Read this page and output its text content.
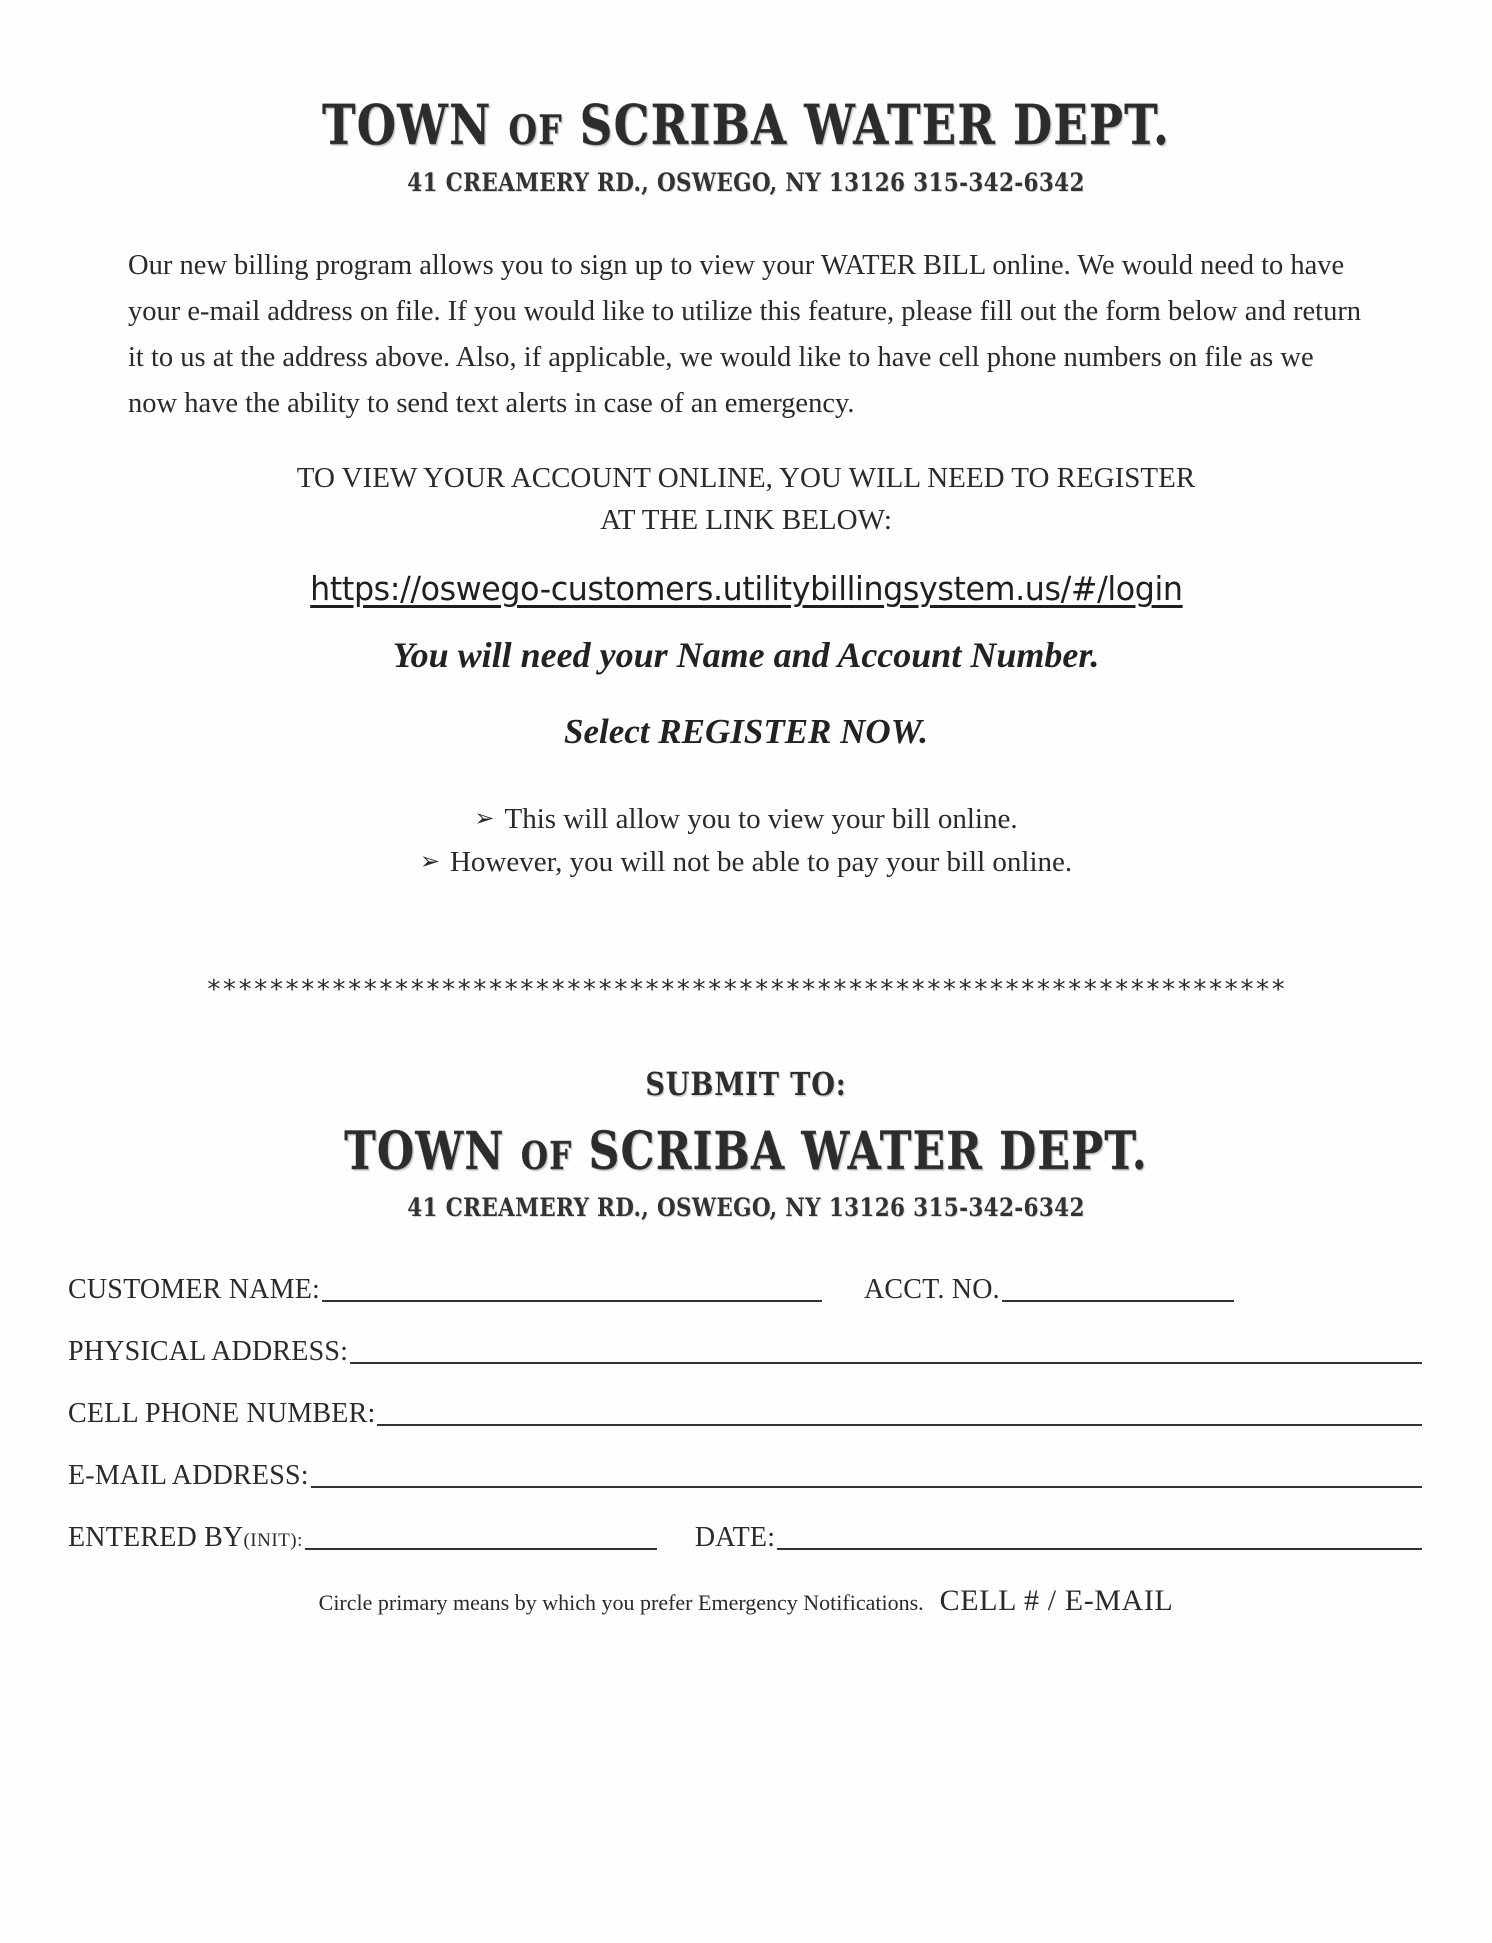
TOWN OF SCRIBA WATER DEPT.
41 CREAMERY RD., OSWEGO, NY 13126 315-342-6342

Our new billing program allows you to sign up to view your WATER BILL online. We would need to have your e-mail address on file. If you would like to utilize this feature, please fill out the form below and return it to us at the address above. Also, if applicable, we would like to have cell phone numbers on file as we now have the ability to send text alerts in case of an emergency.

TO VIEW YOUR ACCOUNT ONLINE, YOU WILL NEED TO REGISTER
AT THE LINK BELOW:
https://oswego-customers.utilitybillingsystem.us/#/login
You will need your Name and Account Number.
Select REGISTER NOW.
➢ This will allow you to view your bill online.
➢ However, you will not be able to pay your bill online.
*********************************************************************
SUBMIT TO:
TOWN OF SCRIBA WATER DEPT.
41 CREAMERY RD., OSWEGO, NY 13126 315-342-6342
CUSTOMER NAME:	ACCT. NO.
PHYSICAL ADDRESS:
CELL PHONE NUMBER:
E-MAIL ADDRESS:
ENTERED BY(INIT):	DATE:
Circle primary means by which you prefer Emergency Notifications. CELL # / E-MAIL
